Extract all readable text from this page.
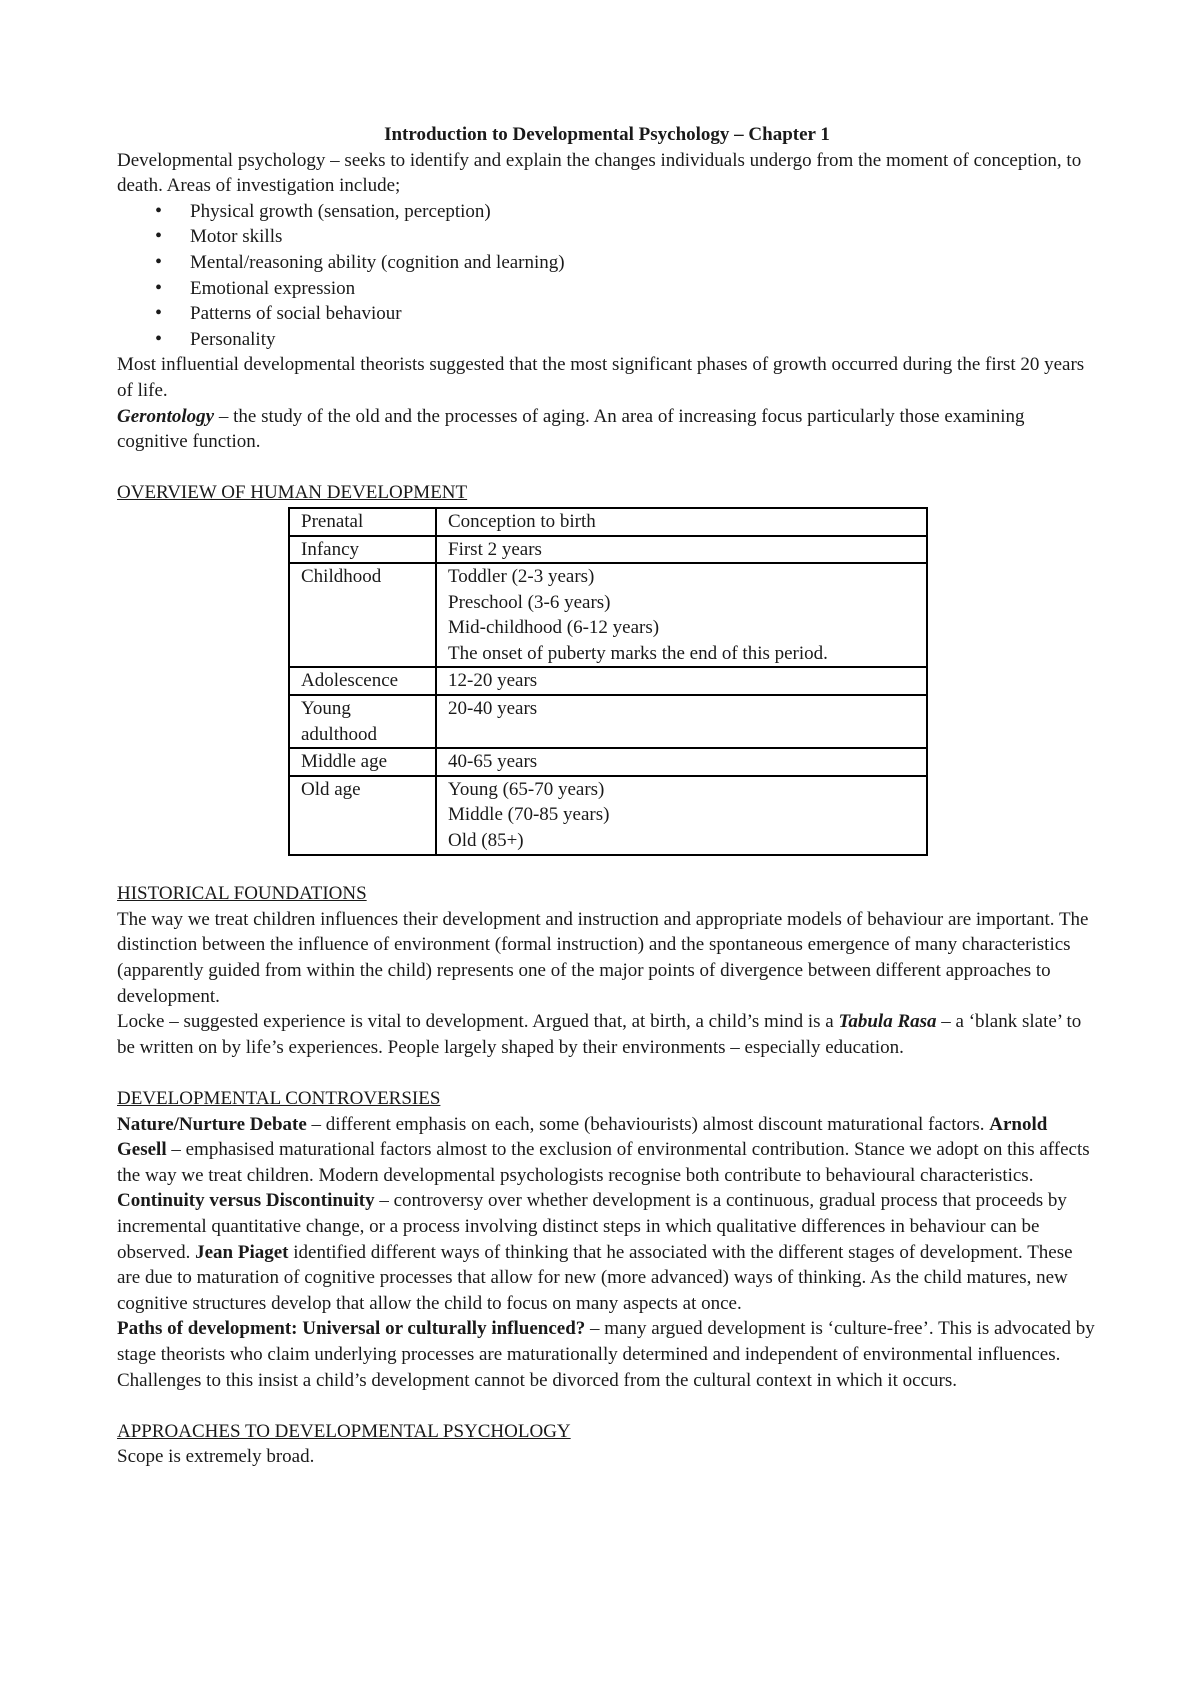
Introduction to Developmental Psychology – Chapter 1

Developmental psychology – seeks to identify and explain the changes individuals undergo from the moment of conception, to death. Areas of investigation include;

• Physical growth (sensation, perception)
• Motor skills
• Mental/reasoning ability (cognition and learning)
• Emotional expression
• Patterns of social behaviour
• Personality

Most influential developmental theorists suggested that the most significant phases of growth occurred during the first 20 years of life.

Gerontology – the study of the old and the processes of aging. An area of increasing focus particularly those examining cognitive function.

OVERVIEW OF HUMAN DEVELOPMENT

Prenatal	Conception to birth

Infancy	First 2 years

Childhood	Toddler (2-3 years)
Preschool (3-6 years)
Mid-childhood (6-12 years)
The onset of puberty marks the end of this period.

Adolescence	12-20 years

Young adulthood	20-40 years

Middle age	40-65 years

Old age	Young (65-70 years)
Middle (70-85 years)
Old (85+)

HISTORICAL FOUNDATIONS

The way we treat children influences their development and instruction and appropriate models of behaviour are important. The distinction between the influence of environment (formal instruction) and the spontaneous emergence of many characteristics (apparently guided from within the child) represents one of the major points of divergence between different approaches to development.

Locke – suggested experience is vital to development. Argued that, at birth, a child’s mind is a Tabula Rasa – a ‘blank slate’ to be written on by life’s experiences. People largely shaped by their environments – especially education.

DEVELOPMENTAL CONTROVERSIES

Nature/Nurture Debate – different emphasis on each, some (behaviourists) almost discount maturational factors. Arnold Gesell – emphasised maturational factors almost to the exclusion of environmental contribution. Stance we adopt on this affects the way we treat children. Modern developmental psychologists recognise both contribute to behavioural characteristics.

Continuity versus Discontinuity – controversy over whether development is a continuous, gradual process that proceeds by incremental quantitative change, or a process involving distinct steps in which qualitative differences in behaviour can be observed. Jean Piaget identified different ways of thinking that he associated with the different stages of development. These are due to maturation of cognitive processes that allow for new (more advanced) ways of thinking. As the child matures, new cognitive structures develop that allow the child to focus on many aspects at once.

Paths of development: Universal or culturally influenced? – many argued development is ‘culture-free’. This is advocated by stage theorists who claim underlying processes are maturationally determined and independent of environmental influences. Challenges to this insist a child’s development cannot be divorced from the cultural context in which it occurs.

APPROACHES TO DEVELOPMENTAL PSYCHOLOGY

Scope is extremely broad.
